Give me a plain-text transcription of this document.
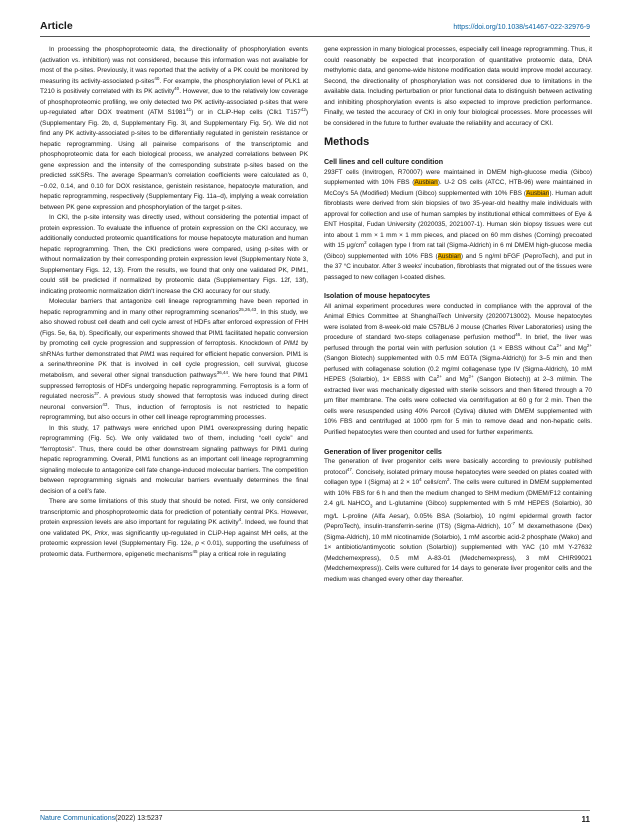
Article	https://doi.org/10.1038/s41467-022-32976-9

In processing the phosphoproteomic data, the directionality of phosphorylation events (activation vs. inhibition) was not considered, because this information was not available for most of the p-sites. Previously, it was reported that the activity of a PK could be monitored by measuring its activity-associated p-sites$^{40}$. For example, the phosphorylation level of PLK1 at T210 is positively correlated with its PK activity$^{40}$. However, due to the relatively low coverage of phosphoproteomic profiling, we only detected two PK activity-associated p-sites that were up-regulated after DOX treatment (ATM S1981$^{41}$) or in CLiP-Hep cells (Clk1 $T157^{42}$) (Supplementary Fig. 2b, d, Supplementary Fig. 3l, and Supplementary Fig. 5r). We did not find any PK activity-associated p-sites to be differentially regulated in genistein resistance or hepatic reprogramming. Using all pairwise comparisons of the transcriptomic and phosphoproteomic data for each biological process, we analyzed correlations between PK gene expression and the intensity of the corresponding substrate p-sites based on the predicted ssKSRs. The average Spearman's correlation coefficients were calculated as 0, −0.02, 0.14, and 0.10 for DOX resistance, genistein resistance, hepatocyte maturation, and hepatic reprogramming, respectively (Supplementary Fig. 11a–d), implying a weak correlation between PK gene expression and phosphorylation of the target p-sites.

In CKI, the p-site intensity was directly used, without considering the potential impact of protein expression. To evaluate the influence of protein expression on the CKI accuracy, we additionally conducted proteomic quantifications for mouse hepatocyte maturation and human hepatic reprogramming. Then, the CKI predictions were compared, using p-sites with or without normalization by their corresponding protein expression level (Supplementary Note 3, Supplementary Figs. 12, 13). From the results, we found that only one validated PK, PIM1, could still be predicted if normalized by proteomic data (Supplementary Figs. 12f, 13f), indicating proteomic normalization didn't increase the CKI accuracy for our study.

Molecular barriers that antagonize cell lineage reprogramming have been reported in hepatic reprogramming and in many other reprogramming scenarios$^{25,26,43}$. In this study, we also showed robust cell death and cell cycle arrest of HDFs after enforced expression of FHH (Figs. 5e, 6a, b). Specifically, our experiments showed that PIM1 facilitated hepatic conversion by promoting cell cycle progression and suppression of ferroptosis. Knockdown of PIM1 by shRNAs further demonstrated that PIM1 was required for efficient hepatic conversion. PIM1 is a serine/threonine PK that is involved in cell cycle progression, cell survival, glucose metabolism, and several other signal transduction pathways$^{36,44}$. We here found that PIM1 suppressed ferroptosis of HDFs undergoing hepatic reprogramming. Ferroptosis is a form of regulated necrosis$^{37}$. A previous study showed that ferroptosis was induced during direct neuronal conversion$^{43}$. Thus, induction of ferroptosis is not restricted to hepatic reprogramming, but also occurs in other cell lineage reprogramming processes.

In this study, 17 pathways were enriched upon PIM1 overexpressing during hepatic reprogramming (Fig. 5c). We only validated two of them, including “cell cycle” and “ferroptosis”. Thus, there could be other downstream signaling pathways for PIM1 during hepatic reprogramming. Overall, PIM1 functions as an important cell lineage reprogramming signaling molecule to antagonize cell fate change-induced molecular barriers. The competition between reprogramming signals and molecular barriers eventually determines the final decision of a cell's fate.

There are some limitations of this study that should be noted. First, we only considered transcriptomic and phosphoproteomic data for prediction of potentially central PKs. However, protein expression levels are also important for regulating PK activity$^4$. Indeed, we found that one validated PK, Prkx, was significantly up-regulated in CLiP-Hep against MH cells, at the proteomic expression level (Supplementary Fig. 12e, p < 0.01), supporting the usefulness of proteomic data. Furthermore, epigenetic mechanisms$^{45}$ play a critical role in regulating

gene expression in many biological processes, especially cell lineage reprogramming. Thus, it could reasonably be expected that incorporation of quantitative proteomic data, DNA methylomic data, and genome-wide histone modification data would improve model accuracy. Second, the directionality of phosphorylation was not considered due to limitations in the available data. Including perturbation or prior functional data to distinguish between activating and inhibiting phosphorylation events is also expected to improve prediction performance. Finally, we tested the accuracy of CKI in only four biological processes. More processes will be considered in the future to further evaluate the reliability and accuracy of CKI.

Methods
Cell lines and cell culture condition

293FT cells (Invitrogen, R70007) were maintained in DMEM high-glucose media (Gibco) supplemented with 10% FBS (Ausbian). U-2 OS cells (ATCC, HTB-96) were maintained in McCoy's 5A (Modified) Medium (Gibco) supplemented with 10% FBS (Ausbian). Human adult fibroblasts were derived from skin biopsies of two 35-year-old healthy male individuals with approval for collection and use of human samples by institutional ethical committees of Eye & ENT Hospital, Fudan University (2020035, 2021007-1). Human skin biopsy tissues were cut into about 1 mm × 1 mm × 1 mm pieces, and placed on 60 mm dishes (Corning) precoated with 15 $\mu g/cm^2$ collagen type I from rat tail (Sigma-Aldrich) in 6 ml DMEM high-glucose media (Gibco) supplemented with 10% FBS (Ausbian) and 5 ng/ml bFGF (PeproTech), and put in the 37 °C incubator. After 3 weeks' incubation, fibroblasts that migrated out of the tissues were passaged to new collagen I-coated dishes.

Isolation of mouse hepatocytes

All animal experiment procedures were conducted in compliance with the approval of the Animal Ethics Committee at ShanghaiTech University (20200713002). Mouse hepatocytes were isolated from 8-week-old male C57BL/6 J mouse (Charles River Laboratories) using the procedure of standard two-steps collagenase perfusion method$^{46}$. In brief, the liver was perfused through the portal vein with perfusion solution (1 × EBSS without $Ca^{2+}$ and $Mg^{2+}(Sangon$ Biotech) supplemented with 0.5 mM EGTA (Sigma-Aldrich)) for 3–5 min and then perfused with collagenase solution (0.2 mg/ml collagenase type IV (Sigma-Aldrich), 10 mM HEPES (Solarbio), 1× EBSS with $Ca^{2+}$ and $Mg^{2+}$ (Sangon Biotech)) at 2–3 ml/min. The extracted liver was mechanically digested with sterile scissors and then filtered through a 70 μm filter membrane. The cells were collected via centrifugation at 60 g for 2 min. Then the cells were resuspended using 40% Percoll (Cytiva) diluted with DMEM supplemented with 10% FBS and centrifuged at 1000 rpm for 5 min to remove dead and non-hepatic cells. Purified hepatocytes were then counted and used for further experiments.

Generation of liver progenitor cells

The generation of liver progenitor cells were basically according to previously published protocol$^{47}$. Concisely, isolated primary mouse hepatocytes were seeded on plates coated with collagen type I (Sigma) at $2 \times 10^4$ cells/$cm^2$. The cells were cultured in DMEM supplemented with 10% FBS for 6 h and then the medium changed to SHM medium (DMEM/F12 containing 2.4 g/L NaHCO$_3$ and L-glutamine (Gibco) supplemented with 5 mM HEPES (Solarbio), 30 mg/L L-proline (Alfa Aesar), 0.05% BSA (Solarbio), 10 ng/ml epidermal growth factor (PeproTech), insulin-transferrin-serine (ITS) (Sigma-Aldrich), $10^{-7}$ M dexamethasone (Dex) (Sigma-Aldrich), 10 mM nicotinamide (Solarbio), 1 mM ascorbic acid-2 phosphate (Wako) and 1× antibiotic/antimycotic solution (Solarbio)) supplemented with YAC (10 mM Y-27632 (Medchemexpress), 0.5 mM A-83-01 (Medchemexpress), 3 mM CHIR99021 (Medchemexpress)). Cells were cultured for 14 days to generate liver progenitor cells and the medium was changed every other day thereafter.

Nature Communications(2022) 13:5237	11
